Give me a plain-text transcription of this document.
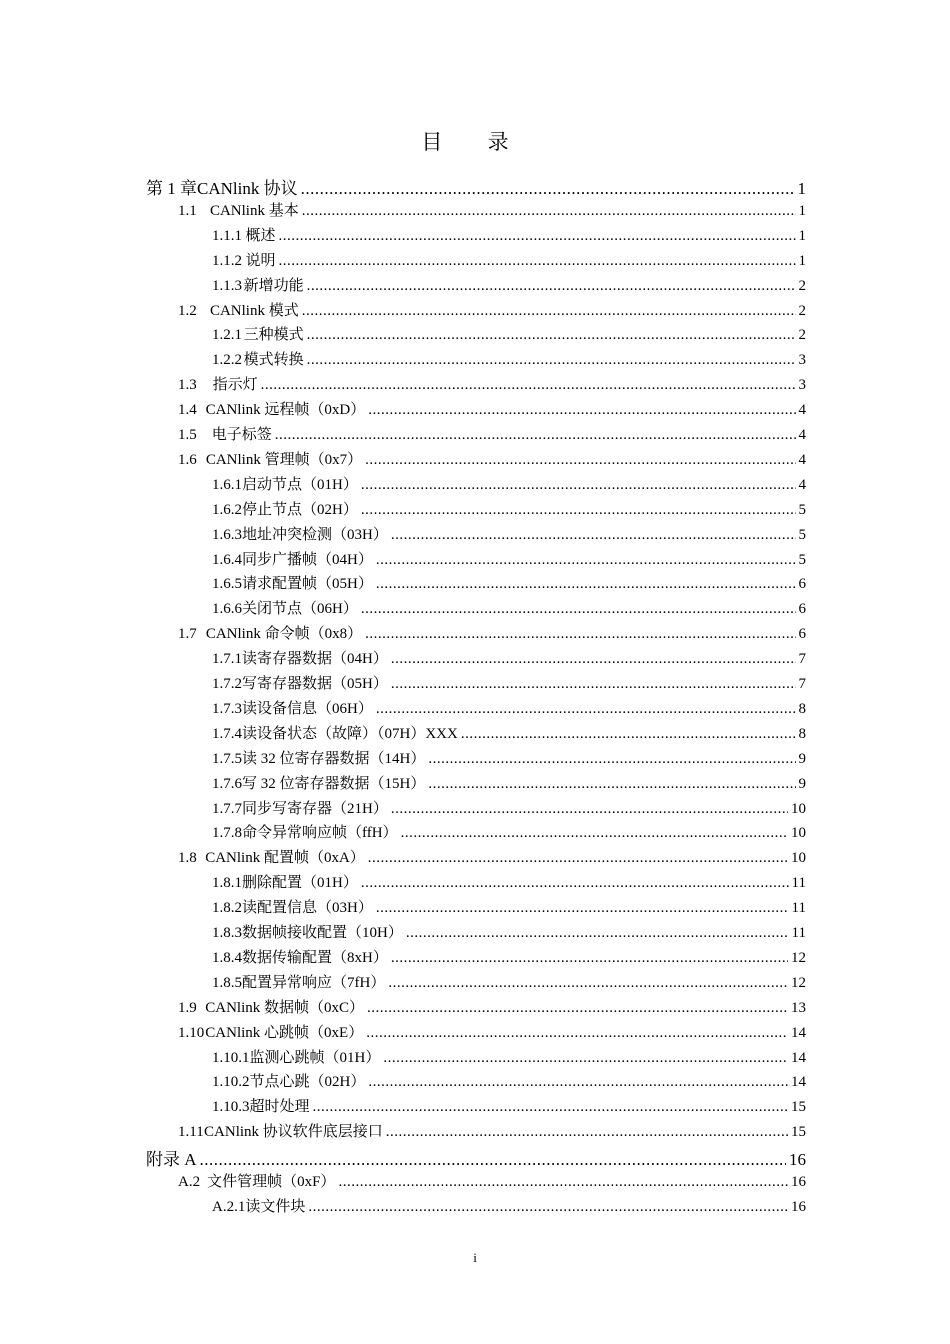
目 录
第 1 章 CANlink 协议 .....	1
1.1 CANlink 基本 .....	1
1.1.1 概述 .....	1
1.1.2 说明 .....	1
1.1.3 新增功能 .....	2
1.2 CANlink 模式 .....	2
1.2.1 三种模式 .....	2
1.2.2 模式转换 .....	3
1.3	指示灯 .....	3
1.4 CANlink 远程帧（0xD） .....	4
1.5 电子标签 .....	4
1.6 CANlink 管理帧（0x7） .....	4
1.6.1 启动节点（01H） .....	4
1.6.2 停止节点（02H） .....	5
1.6.3 地址冲突检测（03H） .....	5
1.6.4 同步广播帧（04H） .....	5
1.6.5 请求配置帧（05H） .....	6
1.6.6 关闭节点（06H） .....	6
1.7 CANlink 命令帧（0x8） .....	6
1.7.1 读寄存器数据（04H） .....	7
1.7.2 写寄存器数据（05H） .....	7
1.7.3 读设备信息（06H） .....	8
1.7.4 读设备状态（故障）（07H）XXX .....	8
1.7.5 读 32 位寄存器数据（14H） .....	9
1.7.6 写 32 位寄存器数据（15H） .....	9
1.7.7 同步写寄存器（21H） .....	10
1.7.8 命令异常响应帧（ffH） .....	10
1.8 CANlink 配置帧（0xA） .....	10
1.8.1 删除配置（01H） .....	11
1.8.2 读配置信息（03H） .....	11
1.8.3 数据帧接收配置（10H） .....	11
1.8.4 数据传输配置（8xH） .....	12
1.8.5 配置异常响应（7fH） .....	12
1.9 CANlink 数据帧（0xC） .....	13
1.10 CANlink 心跳帧（0xE） .....	14
1.10.1 监测心跳帧（01H） .....	14
1.10.2 节点心跳（02H） .....	14
1.10.3 超时处理 .....	15
1.11 CANlink 协议软件底层接口 .....	15
附录 A .....	16
A.2 文件管理帧（0xF） .....	16
A.2.1 读文件块 .....	16
i
